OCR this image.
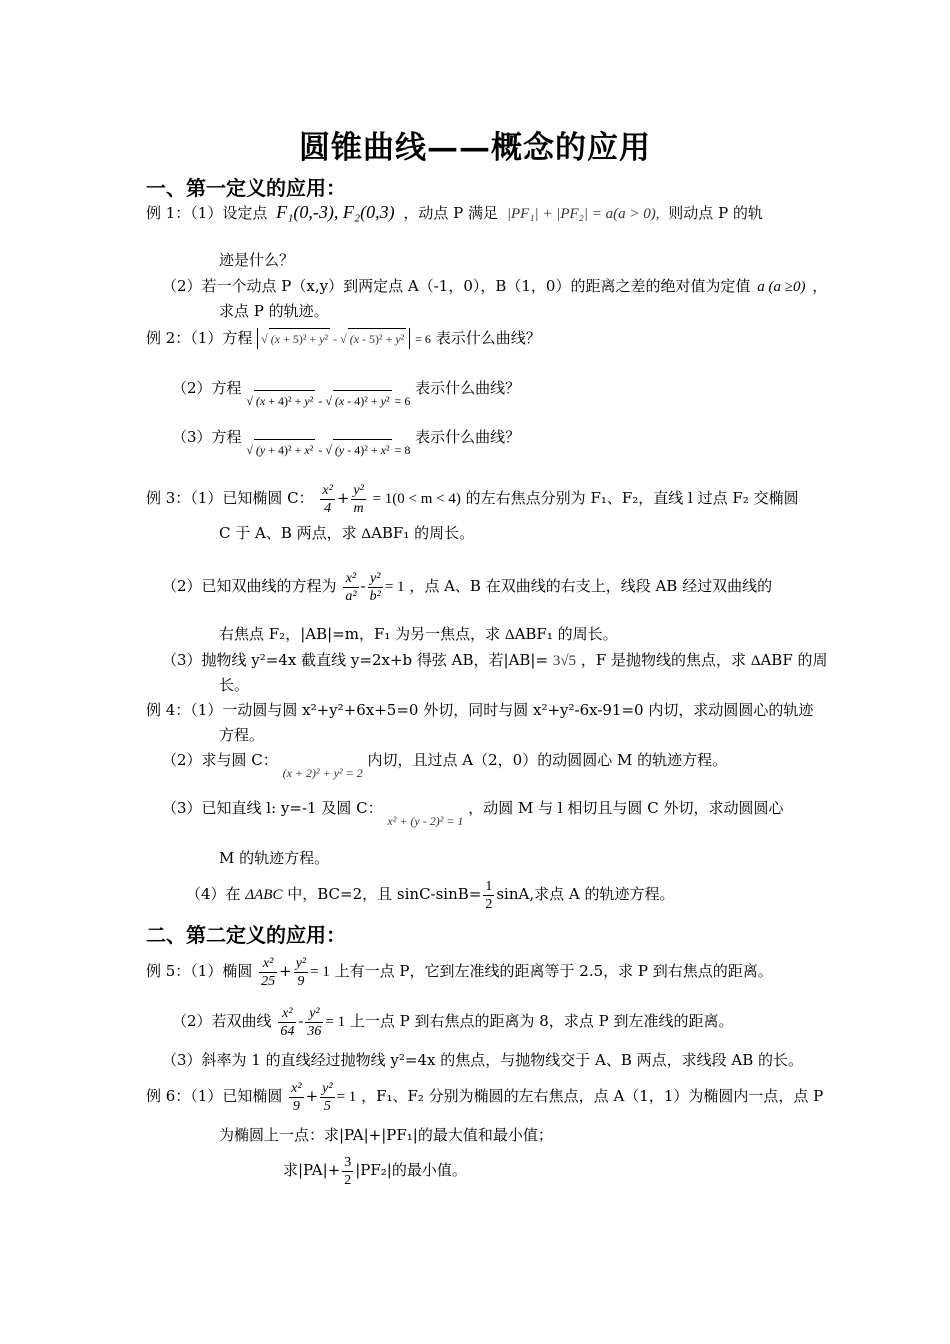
圆锥曲线——概念的应用
一、第一定义的应用：
例 1：（1）设定点 F₁(0,-3), F₂(0,3) ，动点 P 满足 |PF₁| + |PF₂| = a(a > 0), 则动点 P 的轨
迹是什么？
（2）若一个动点 P（x,y）到两定点 A（-1，0），B（1，0）的距离之差的绝对值为定值 a (a ≥0) ，
求点 P 的轨迹。
例 2：（1）方程 √ (x + 5)² + y² - √ (x - 5)² + y² = 6 表示什么曲线？
（2）方程 $_{√ (x + 4)^2 + y^2 - √ (x - 4)^2 + y^2 = 6}$ 表示什么曲线？
（3）方程 $_{√ (y + 4)^2 + x^2 - √ (y - 4)^2 + x^2 = 8}$ 表示什么曲线？
例 3：（1）已知椭圆 C： $\frac{\text{x²}}{4} + \frac{\text{y²}}{m} = 1(0 < m < 4)$ 的左右焦点分别为 F₁、F₂，直线 l 过点 F₂ 交椭圆
C 于 A、B 两点，求 ΔABF₁ 的周长。
（2）已知双曲线的方程为 $\frac{\text{x²}}{\text{a²}} - \frac{\text{y²}}{\text{b²}} = 1$ ，点 A、B 在双曲线的右支上，线段 AB 经过双曲线的
右焦点 F₂，|AB|=m，F₁ 为另一焦点，求 ΔABF₁ 的周长。
（3）抛物线 y²=4x 截直线 y=2x+b 得弦 AB，若|AB|= 3√5 ，F 是抛物线的焦点，求 ΔABF 的周
长。
例 4：（1）一动圆与圆 x²+y²+6x+5=0 外切，同时与圆 x²+y²-6x-91=0 内切，求动圆圆心的轨迹
方程。
（2）求与圆 C： $_{(x + 2)^2 + y^2 = 2}$ 内切，且过点 A（2，0）的动圆圆心 M 的轨迹方程。
（3）已知直线 l: y=-1 及圆 C： $_{x^2 + (y - 2)^2 = 1}$ ，动圆 M 与 l 相切且与圆 C 外切，求动圆圆心
M 的轨迹方程。
（4）在 ΔABC 中，BC=2，且 $\sin C-\sin B= \frac{1}{2} \sin A$,求点 A 的轨迹方程。
二、第二定义的应用：
例 5：（1）椭圆 $\frac{\text{x²}}{25} + \frac{\text{y²}}{9} = 1$ 上有一点 P，它到左准线的距离等于 2.5，求 P 到右焦点的距离。
（2）若双曲线 $\frac{\text{x²}}{64} - \frac{\text{y²}}{36} = 1$ 上一点 P 到右焦点的距离为 8，求点 P 到左准线的距离。
（3）斜率为 1 的直线经过抛物线 y²=4x 的焦点，与抛物线交于 A、B 两点，求线段 AB 的长。
例 6：（1）已知椭圆 $\frac{\text{x²}}{9} + \frac{\text{y²}}{5} = 1$ ，F₁、F₂ 分别为椭圆的左右焦点，点 A（1，1）为椭圆内一点，点 P
为椭圆上一点：求|PA|+|PF₁|的最大值和最小值；
求$|PA|+ \frac{3}{2} |PF_2|$的最小值。
